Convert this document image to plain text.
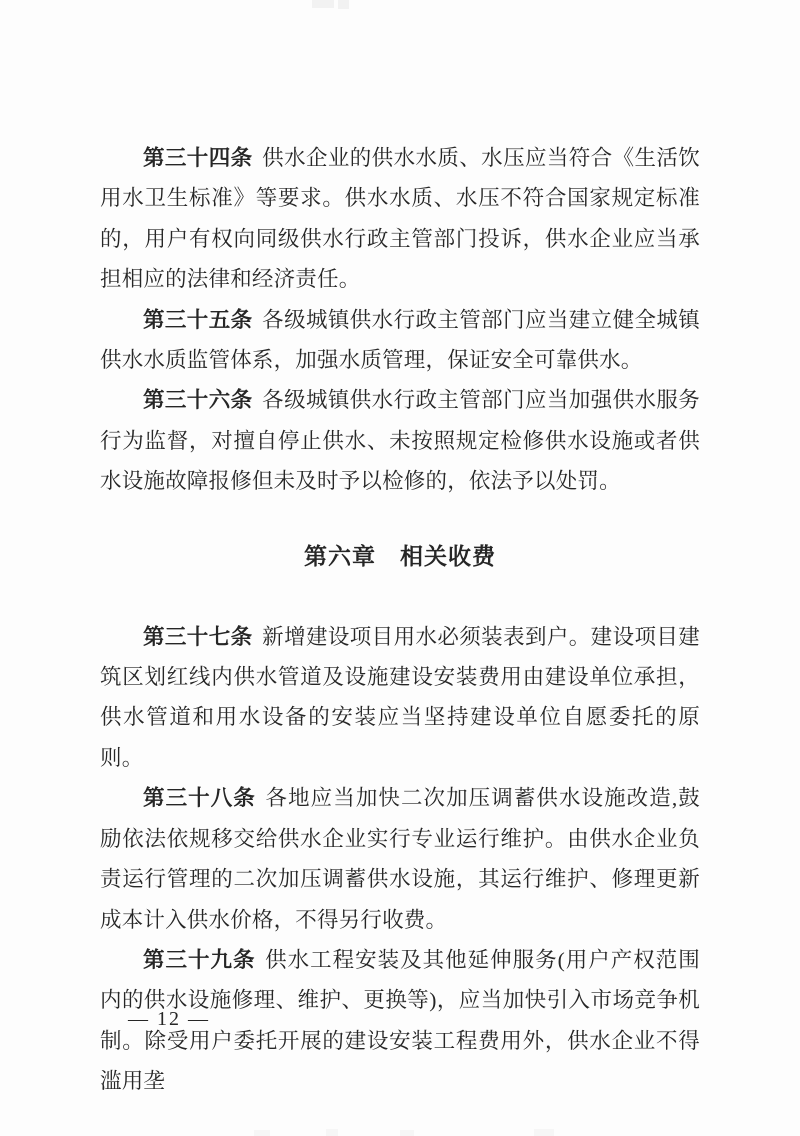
第三十四条 供水企业的供水水质、水压应当符合《生活饮用水卫生标准》等要求。供水水质、水压不符合国家规定标准的，用户有权向同级供水行政主管部门投诉，供水企业应当承担相应的法律和经济责任。

第三十五条 各级城镇供水行政主管部门应当建立健全城镇供水水质监管体系，加强水质管理，保证安全可靠供水。

第三十六条 各级城镇供水行政主管部门应当加强供水服务行为监督，对擅自停止供水、未按照规定检修供水设施或者供水设施故障报修但未及时予以检修的，依法予以处罚。

第六章　相关收费

第三十七条 新增建设项目用水必须装表到户。建设项目建筑区划红线内供水管道及设施建设安装费用由建设单位承担，供水管道和用水设备的安装应当坚持建设单位自愿委托的原则。

第三十八条 各地应当加快二次加压调蓄供水设施改造,鼓励依法依规移交给供水企业实行专业运行维护。由供水企业负责运行管理的二次加压调蓄供水设施，其运行维护、修理更新成本计入供水价格，不得另行收费。

第三十九条 供水工程安装及其他延伸服务(用户产权范围内的供水设施修理、维护、更换等)，应当加快引入市场竞争机制。除受用户委托开展的建设安装工程费用外，供水企业不得滥用垄

— 12 —
